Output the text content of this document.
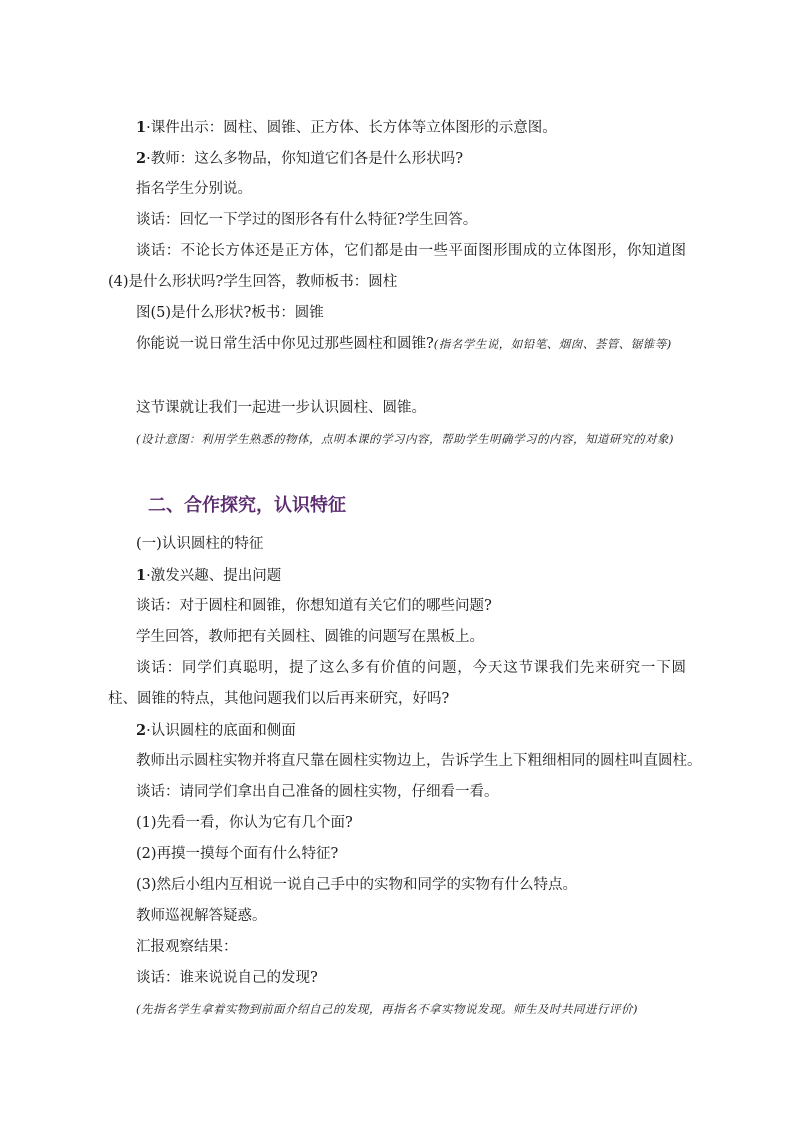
1·课件出示：圆柱、圆锥、正方体、长方体等立体图形的示意图。

2·教师：这么多物品，你知道它们各是什么形状吗?

指名学生分别说。

谈话：回忆一下学过的图形各有什么特征?学生回答。

谈话：不论长方体还是正方体，它们都是由一些平面图形围成的立体图形，你知道图(4)是什么形状吗?学生回答，教师板书：圆柱

图(5)是什么形状?板书：圆锥

你能说一说日常生活中你见过那些圆柱和圆锥?(指名学生说，如铅笔、烟囱、荟管、锯锥等)

这节课就让我们一起进一步认识圆柱、圆锥。

(设计意图：利用学生熟悉的物体，点明本课的学习内容，帮助学生明确学习的内容，知道研究的对象)

二、合作探究，认识特征

(一)认识圆柱的特征

1·激发兴趣、提出问题

谈话：对于圆柱和圆锥，你想知道有关它们的哪些问题?

学生回答，教师把有关圆柱、圆锥的问题写在黑板上。

谈话：同学们真聪明，提了这么多有价值的问题，今天这节课我们先来研究一下圆柱、圆锥的特点，其他问题我们以后再来研究，好吗?

2·认识圆柱的底面和侧面

教师出示圆柱实物并将直尺靠在圆柱实物边上，告诉学生上下粗细相同的圆柱叫直圆柱。

谈话：请同学们拿出自己准备的圆柱实物，仔细看一看。

(1)先看一看，你认为它有几个面?

(2)再摸一摸每个面有什么特征?

(3)然后小组内互相说一说自己手中的实物和同学的实物有什么特点。

教师巡视解答疑惑。

汇报观察结果：

谈话：谁来说说自己的发现?

(先指名学生拿着实物到前面介绍自己的发现，再指名不拿实物说发现。师生及时共同进行评价)
